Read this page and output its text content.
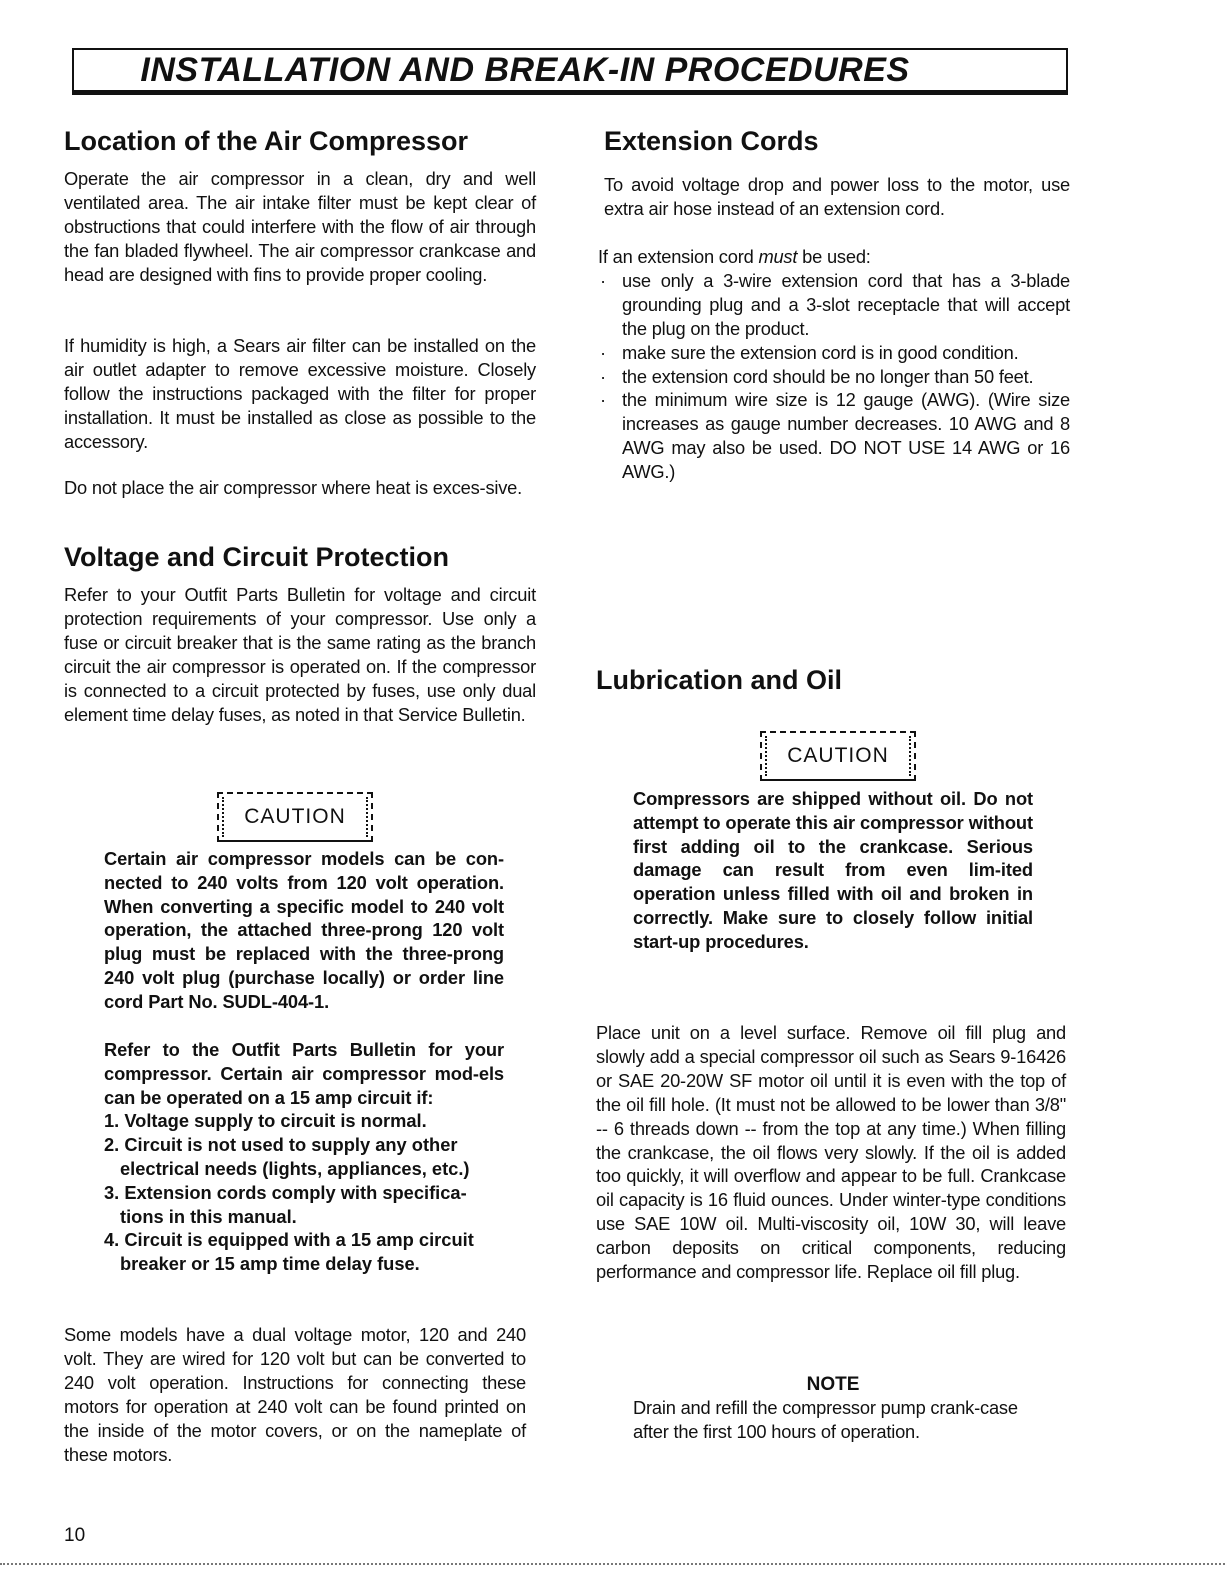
INSTALLATION AND BREAK-IN PROCEDURES
Location of the Air Compressor

Operate the air compressor in a clean, dry and well ventilated area. The air intake filter must be kept clear of obstructions that could interfere with the flow of air through the fan bladed flywheel. The air compressor crankcase and head are designed with fins to provide proper cooling.

If humidity is high, a Sears air filter can be installed on the air outlet adapter to remove excessive moisture. Closely follow the instructions packaged with the filter for proper installation. It must be installed as close as possible to the accessory.

Do not place the air compressor where heat is exces-sive.

Voltage and Circuit Protection

Refer to your Outfit Parts Bulletin for voltage and circuit protection requirements of your compressor. Use only a fuse or circuit breaker that is the same rating as the branch circuit the air compressor is operated on. If the compressor is connected to a circuit protected by fuses, use only dual element time delay fuses, as noted in that Service Bulletin.

CAUTION

Certain air compressor models can be con-nected to 240 volts from 120 volt operation. When converting a specific model to 240 volt operation, the attached three-prong 120 volt plug must be replaced with the three-prong 240 volt plug (purchase locally) or order line cord Part No. SUDL-404-1.

Refer to the Outfit Parts Bulletin for your compressor. Certain air compressor mod-els can be operated on a 15 amp circuit if:

1. Voltage supply to circuit is normal.
2. Circuit is not used to supply any other electrical needs (lights, appliances, etc.)
3. Extension cords comply with specifica-tions in this manual.
4. Circuit is equipped with a 15 amp circuit breaker or 15 amp time delay fuse.

Some models have a dual voltage motor, 120 and 240 volt. They are wired for 120 volt but can be converted to 240 volt operation. Instructions for connecting these motors for operation at 240 volt can be found printed on the inside of the motor covers, or on the nameplate of these motors.

Extension Cords

To avoid voltage drop and power loss to the motor, use extra air hose instead of an extension cord.

If an extension cord must be used:

· use only a 3-wire extension cord that has a 3-blade grounding plug and a 3-slot receptacle that will accept the plug on the product.
· make sure the extension cord is in good condition.
· the extension cord should be no longer than 50 feet.
· the minimum wire size is 12 gauge (AWG). (Wire size increases as gauge number decreases. 10 AWG and 8 AWG may also be used. DO NOT USE 14 AWG or 16 AWG.)
Lubrication and Oil
CAUTION

Compressors are shipped without oil. Do not attempt to operate this air compressor without first adding oil to the crankcase. Serious damage can result from even lim-ited operation unless filled with oil and broken in correctly. Make sure to closely follow initial start-up procedures.

Place unit on a level surface. Remove oil fill plug and slowly add a special compressor oil such as Sears 9-16426 or SAE 20-20W SF motor oil until it is even with the top of the oil fill hole. (It must not be allowed to be lower than 3/8" -- 6 threads down -- from the top at any time.) When filling the crankcase, the oil flows very slowly. If the oil is added too quickly, it will overflow and appear to be full. Crankcase oil capacity is 16 fluid ounces. Under winter-type conditions use SAE 10W oil. Multi-viscosity oil, 10W 30, will leave carbon deposits on critical components, reducing performance and compressor life. Replace oil fill plug.

NOTE

Drain and refill the compressor pump crank-case after the first 100 hours of operation.

10
